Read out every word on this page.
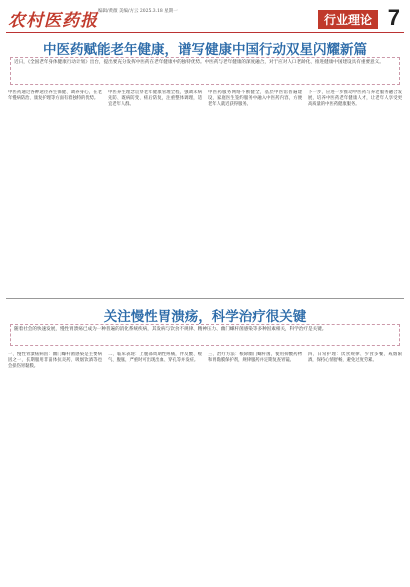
农村医药报 编辑/黄薇 美编/方云 2025.3.18 星期一
行业理论 7
中医药赋能老年健康，谱写健康中国行动双星闪耀新篇
近日，《全国老年身体健康行动计划》出台，提出要充分发挥中医药在老年健康中的独特优势。中医药与老年健康的深度融合，对于应对人口老龄化、推进健康中国建设具有重要意义。
中医药通过各种途径养生保健、调养身心，在老年慢病防治、康复护理等方面有着独特的优势。
中医养生理念贯穿老年健康管理全程，强调未病先防、既病防变、瘥后防复，注重整体调理，适宜老年人群。
中医药服务网络不断健全，基层中医馆普遍建设，家庭医生签约服务中融入中医药内容，方便老年人就近获得服务。
下一步，应进一步推动中医药与养老服务融合发展，培养中医药老年健康人才，让老年人享受更高质量的中医药健康服务。
关注慢性胃溃疡，科学治疗很关键
随着社会的快速发展，慢性胃溃疡已成为一种普遍的消化系统疾病，其发病与饮食不规律、精神压力、幽门螺杆菌感染等多种因素相关，科学治疗是关键。
一、慢性胃溃疡病因：幽门螺杆菌感染是主要病因之一，长期服用非甾体抗炎药、吸烟饮酒等也会损伤胃黏膜。
二、临床表现：上腹部周期性疼痛，伴反酸、嗳气、腹胀，严重时可出现出血、穿孔等并发症。
三、治疗方法：根除幽门螺杆菌，使用抑酸药物和胃黏膜保护剂，规律服药并定期复查胃镜。
四、日常护理：饮食规律、少食多餐，戒烟限酒，保持心情舒畅，避免过度劳累。
